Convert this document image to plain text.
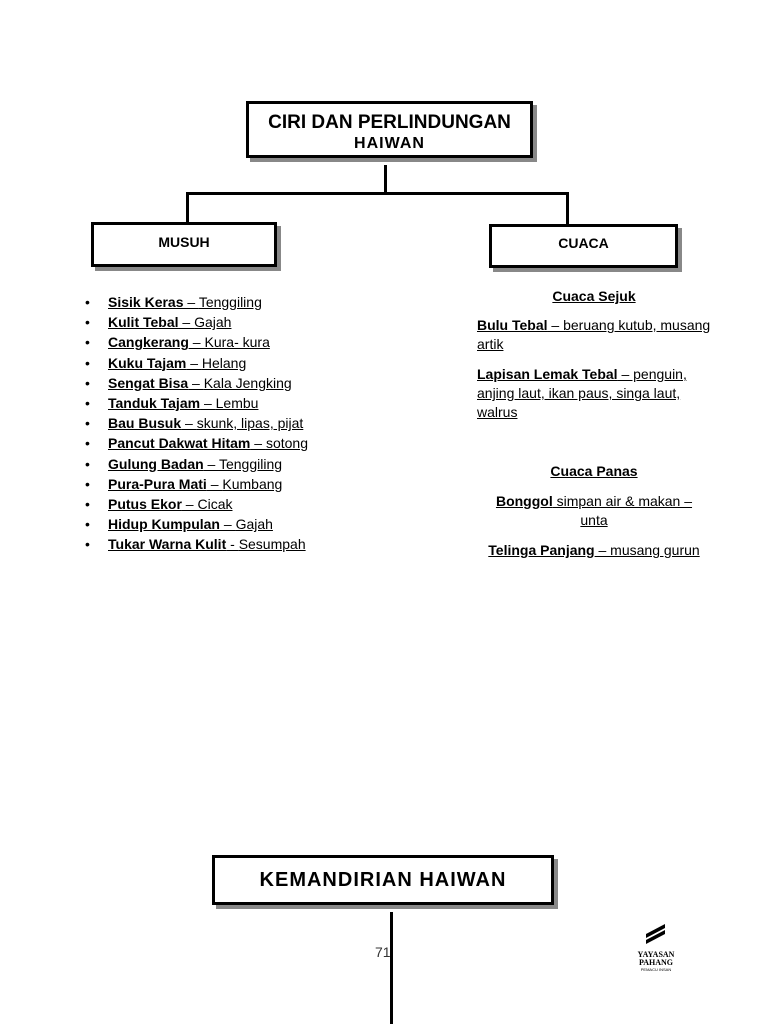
CIRI DAN PERLINDUNGAN
HAIWAN
MUSUH	CUACA
• Sisik Keras – Tenggiling
• Kulit Tebal – Gajah
• Cangkerang – Kura- kura
• Kuku Tajam – Helang
• Sengat Bisa – Kala Jengking
• Tanduk Tajam – Lembu
• Bau Busuk – skunk, lipas, pijat
• Pancut Dakwat Hitam – sotong
• Gulung Badan – Tenggiling
• Pura-Pura Mati – Kumbang
• Putus Ekor – Cicak
• Hidup Kumpulan – Gajah
• Tukar Warna Kulit - Sesumpah
Cuaca Sejuk
Bulu Tebal – beruang kutub, musang artik
Lapisan Lemak Tebal – penguin, anjing laut, ikan paus, singa laut, walrus
Cuaca Panas
Bonggol simpan air & makan – unta
Telinga Panjang – musang gurun
KEMANDIRIAN HAIWAN
71	YAYASAN
PAHANG
PEMACU INSAN
